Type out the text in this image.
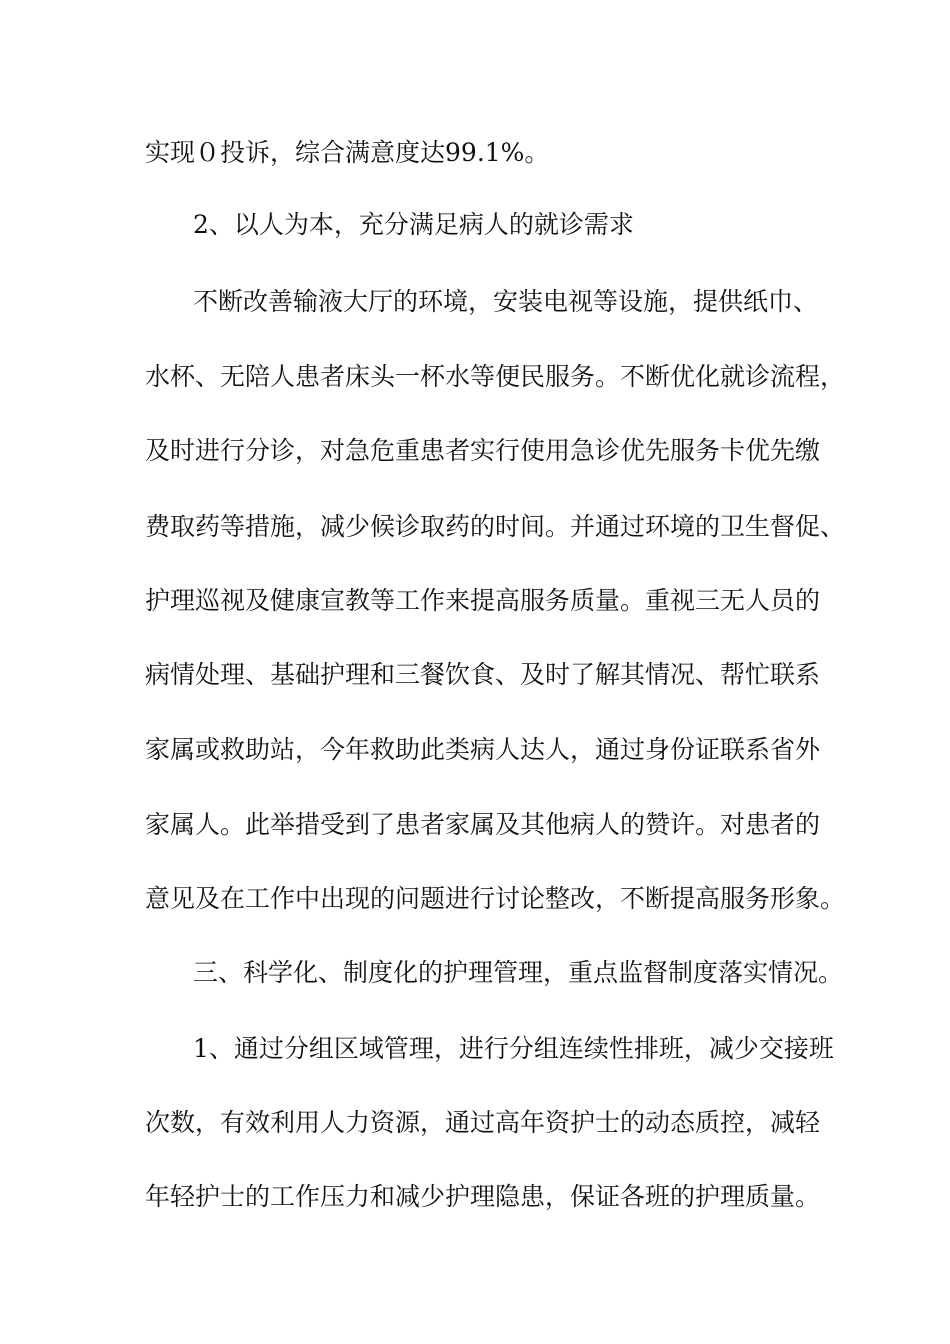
实现０投诉，综合满意度达99.1%。

2、以人为本，充分满足病人的就诊需求

不断改善输液大厅的环境，安装电视等设施，提供纸巾、

水杯、无陪人患者床头一杯水等便民服务。不断优化就诊流程，

及时进行分诊，对急危重患者实行使用急诊优先服务卡优先缴

费取药等措施，减少候诊取药的时间。并通过环境的卫生督促、

护理巡视及健康宣教等工作来提高服务质量。重视三无人员的

病情处理、基础护理和三餐饮食、及时了解其情况、帮忙联系

家属或救助站，今年救助此类病人达人，通过身份证联系省外

家属人。此举措受到了患者家属及其他病人的赞许。对患者的

意见及在工作中出现的问题进行讨论整改，不断提高服务形象。

三、科学化、制度化的护理管理，重点监督制度落实情况。

1、通过分组区域管理，进行分组连续性排班，减少交接班

次数，有效利用人力资源，通过高年资护士的动态质控，减轻

年轻护士的工作压力和减少护理隐患，保证各班的护理质量。
